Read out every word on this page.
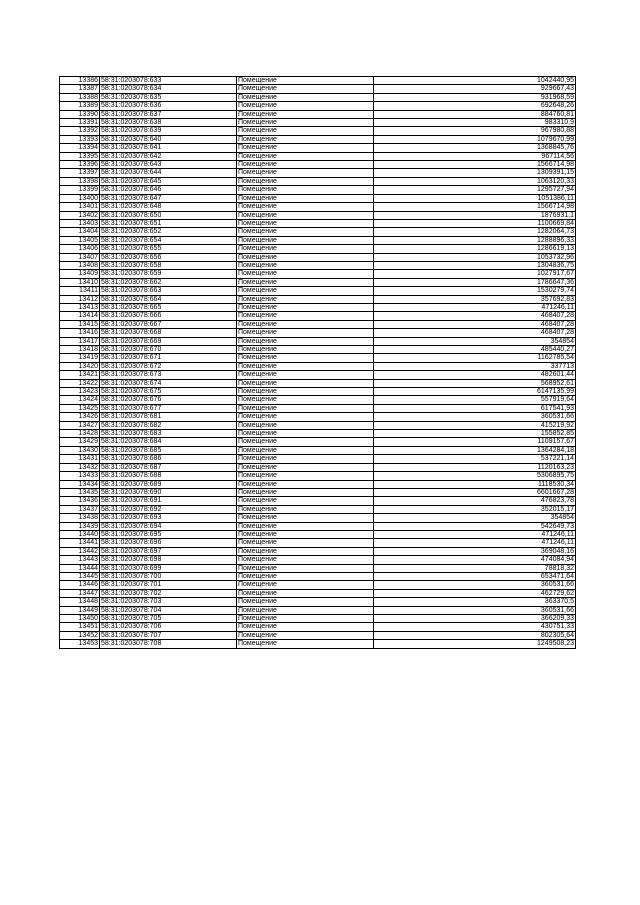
13386	58:31:0203078:633	Помещение	1042440,95
13387	58:31:0203078:634	Помещение	929667,43
13388	58:31:0203078:635	Помещение	931968,59
13389	58:31:0203078:636	Помещение	692648,26
13390	58:31:0203078:637	Помещение	884760,81
13391	58:31:0203078:638	Помещение	983310,9
13392	58:31:0203078:639	Помещение	967980,88
13393	58:31:0203078:640	Помещение	1079670,99
13394	58:31:0203078:641	Помещение	1368845,76
13395	58:31:0203078:642	Помещение	967114,56
13396	58:31:0203078:643	Помещение	1566714,98
13397	58:31:0203078:644	Помещение	1309391,15
13398	58:31:0203078:645	Помещение	1063120,33
13399	58:31:0203078:646	Помещение	1295727,94
13400	58:31:0203078:647	Помещение	1051386,11
13401	58:31:0203078:648	Помещение	1566714,98
13402	58:31:0203078:650	Помещение	1876931,1
13403	58:31:0203078:651	Помещение	1100669,84
13404	58:31:0203078:652	Помещение	1282064,73
13405	58:31:0203078:654	Помещение	1288896,33
13406	58:31:0203078:655	Помещение	1286619,13
13407	58:31:0203078:656	Помещение	1053732,96
13408	58:31:0203078:658	Помещение	1304836,75
13409	58:31:0203078:659	Помещение	1027917,67
13410	58:31:0203078:662	Помещение	1786647,36
13411	58:31:0203078:663	Помещение	1530279,74
13412	58:31:0203078:664	Помещение	357692,83
13413	58:31:0203078:665	Помещение	471246,11
13414	58:31:0203078:666	Помещение	468407,28
13415	58:31:0203078:667	Помещение	468407,28
13416	58:31:0203078:668	Помещение	468407,28
13417	58:31:0203078:669	Помещение	354854
13418	58:31:0203078:670	Помещение	485440,27
13419	58:31:0203078:671	Помещение	1162785,54
13420	58:31:0203078:672	Помещение	337713
13421	58:31:0203078:673	Помещение	482601,44
13422	58:31:0203078:674	Помещение	568952,61
13423	58:31:0203078:675	Помещение	6147135,99
13424	58:31:0203078:676	Помещение	557919,64
13425	58:31:0203078:677	Помещение	617541,93
13426	58:31:0203078:681	Помещение	360531,66
13427	58:31:0203078:682	Помещение	415219,92
13428	58:31:0203078:683	Помещение	155852,85
13429	58:31:0203078:684	Помещение	1109157,67
13430	58:31:0203078:685	Помещение	1364284,18
13431	58:31:0203078:686	Помещение	537221,14
13432	58:31:0203078:687	Помещение	1120163,23
13433	58:31:0203078:688	Помещение	5306895,75
13434	58:31:0203078:689	Помещение	1118530,34
13435	58:31:0203078:690	Помещение	6601667,28
13436	58:31:0203078:691	Помещение	476823,78
13437	58:31:0203078:692	Помещение	352015,17
13438	58:31:0203078:693	Помещение	354854
13439	58:31:0203078:694	Помещение	542649,73
13440	58:31:0203078:695	Помещение	471246,11
13441	58:31:0203078:696	Помещение	471246,11
13442	58:31:0203078:697	Помещение	369048,16
13443	58:31:0203078:698	Помещение	474084,94
13444	58:31:0203078:699	Помещение	78818,32
13445	58:31:0203078:700	Помещение	653471,64
13446	58:31:0203078:701	Помещение	360531,66
13447	58:31:0203078:702	Помещение	462729,62
13448	58:31:0203078:703	Помещение	363370,5
13449	58:31:0203078:704	Помещение	360531,66
13450	58:31:0203078:705	Помещение	366209,33
13451	58:31:0203078:706	Помещение	430751,33
13452	58:31:0203078:707	Помещение	802305,64
13453	58:31:0203078:708	Помещение	1249508,23
